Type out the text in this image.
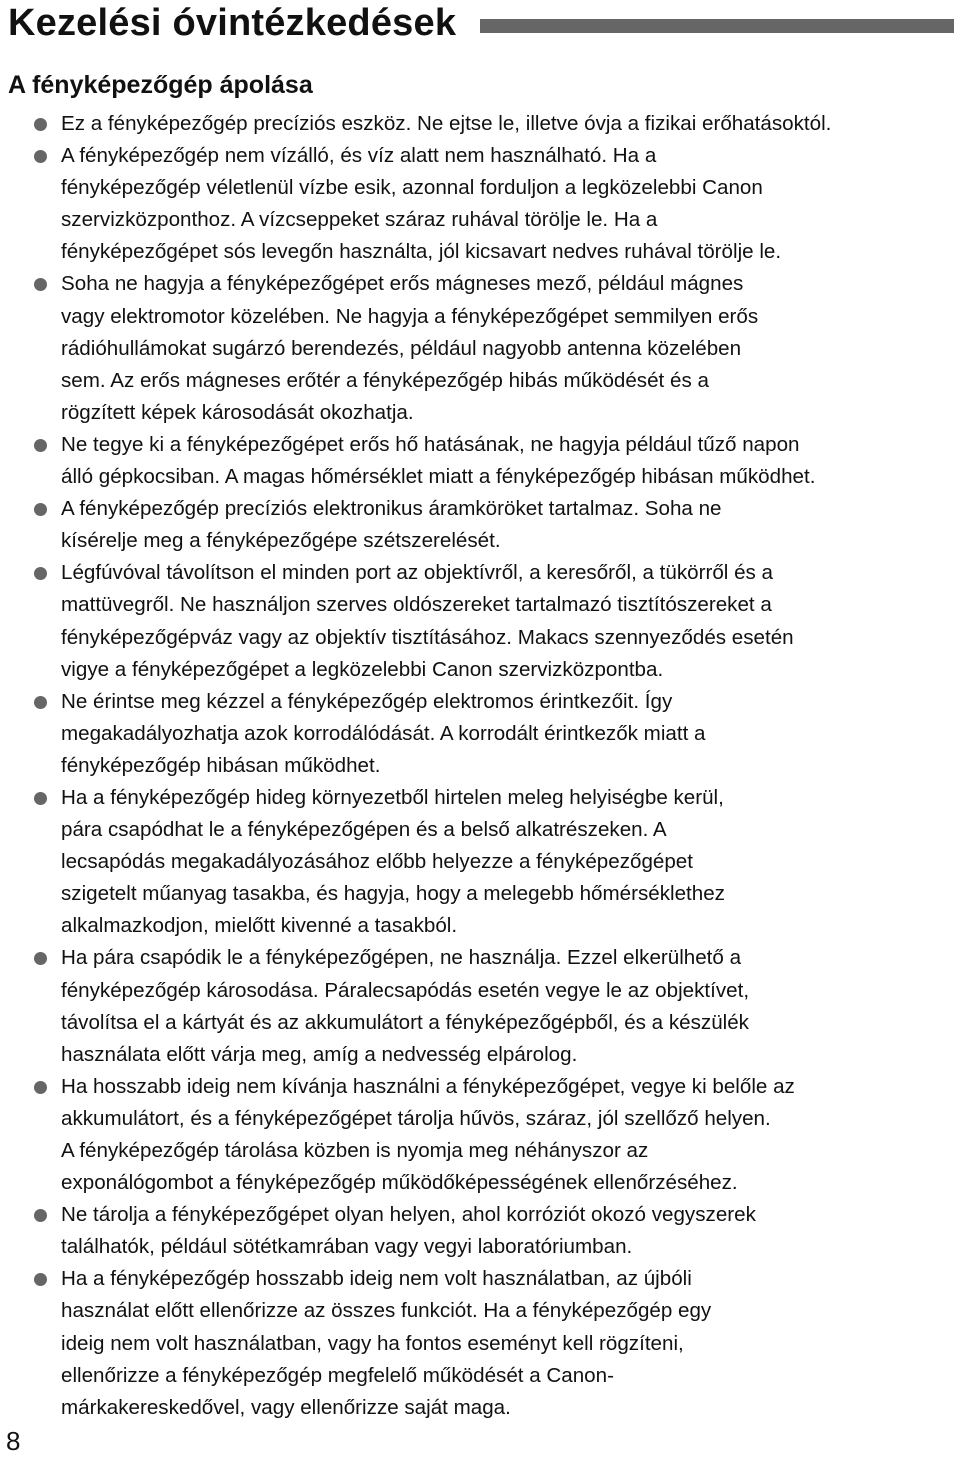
Kezelési óvintézkedések
A fényképezőgép ápolása
Ez a fényképezőgép precíziós eszköz. Ne ejtse le, illetve óvja a fizikai erőhatásoktól.
A fényképezőgép nem vízálló, és víz alatt nem használható. Ha a
fényképezőgép véletlenül vízbe esik, azonnal forduljon a legközelebbi Canon
szervizközponthoz. A vízcseppeket száraz ruhával törölje le. Ha a
fényképezőgépet sós levegőn használta, jól kicsavart nedves ruhával törölje le.
Soha ne hagyja a fényképezőgépet erős mágneses mező, például mágnes
vagy elektromotor közelében. Ne hagyja a fényképezőgépet semmilyen erős
rádióhullámokat sugárzó berendezés, például nagyobb antenna közelében
sem. Az erős mágneses erőtér a fényképezőgép hibás működését és a
rögzített képek károsodását okozhatja.
Ne tegye ki a fényképezőgépet erős hő hatásának, ne hagyja például tűző napon
álló gépkocsiban. A magas hőmérséklet miatt a fényképezőgép hibásan működhet.
A fényképezőgép precíziós elektronikus áramköröket tartalmaz. Soha ne
kísérelje meg a fényképezőgépe szétszerelését.
Légfúvóval távolítson el minden port az objektívről, a keresőről, a tükörről és a
mattüvegről. Ne használjon szerves oldószereket tartalmazó tisztítószereket a
fényképezőgépváz vagy az objektív tisztításához. Makacs szennyeződés esetén
vigye a fényképezőgépet a legközelebbi Canon szervizközpontba.
Ne érintse meg kézzel a fényképezőgép elektromos érintkezőit. Így
megakadályozhatja azok korrodálódását. A korrodált érintkezők miatt a
fényképezőgép hibásan működhet.
Ha a fényképezőgép hideg környezetből hirtelen meleg helyiségbe kerül,
pára csapódhat le a fényképezőgépen és a belső alkatrészeken. A
lecsapódás megakadályozásához előbb helyezze a fényképezőgépet
szigetelt műanyag tasakba, és hagyja, hogy a melegebb hőmérséklethez
alkalmazkodjon, mielőtt kivenné a tasakból.
Ha pára csapódik le a fényképezőgépen, ne használja. Ezzel elkerülhető a
fényképezőgép károsodása. Páralecsapódás esetén vegye le az objektívet,
távolítsa el a kártyát és az akkumulátort a fényképezőgépből, és a készülék
használata előtt várja meg, amíg a nedvesség elpárolog.
Ha hosszabb ideig nem kívánja használni a fényképezőgépet, vegye ki belőle az
akkumulátort, és a fényképezőgépet tárolja hűvös, száraz, jól szellőző helyen.
A fényképezőgép tárolása közben is nyomja meg néhányszor az
exponálógombot a fényképezőgép működőképességének ellenőrzéséhez.
Ne tárolja a fényképezőgépet olyan helyen, ahol korróziót okozó vegyszerek
találhatók, például sötétkamrában vagy vegyi laboratóriumban.
Ha a fényképezőgép hosszabb ideig nem volt használatban, az újbóli
használat előtt ellenőrizze az összes funkciót. Ha a fényképezőgép egy
ideig nem volt használatban, vagy ha fontos eseményt kell rögzíteni,
ellenőrizze a fényképezőgép megfelelő működését a Canon-
márkakereskedővel, vagy ellenőrizze saját maga.
8
